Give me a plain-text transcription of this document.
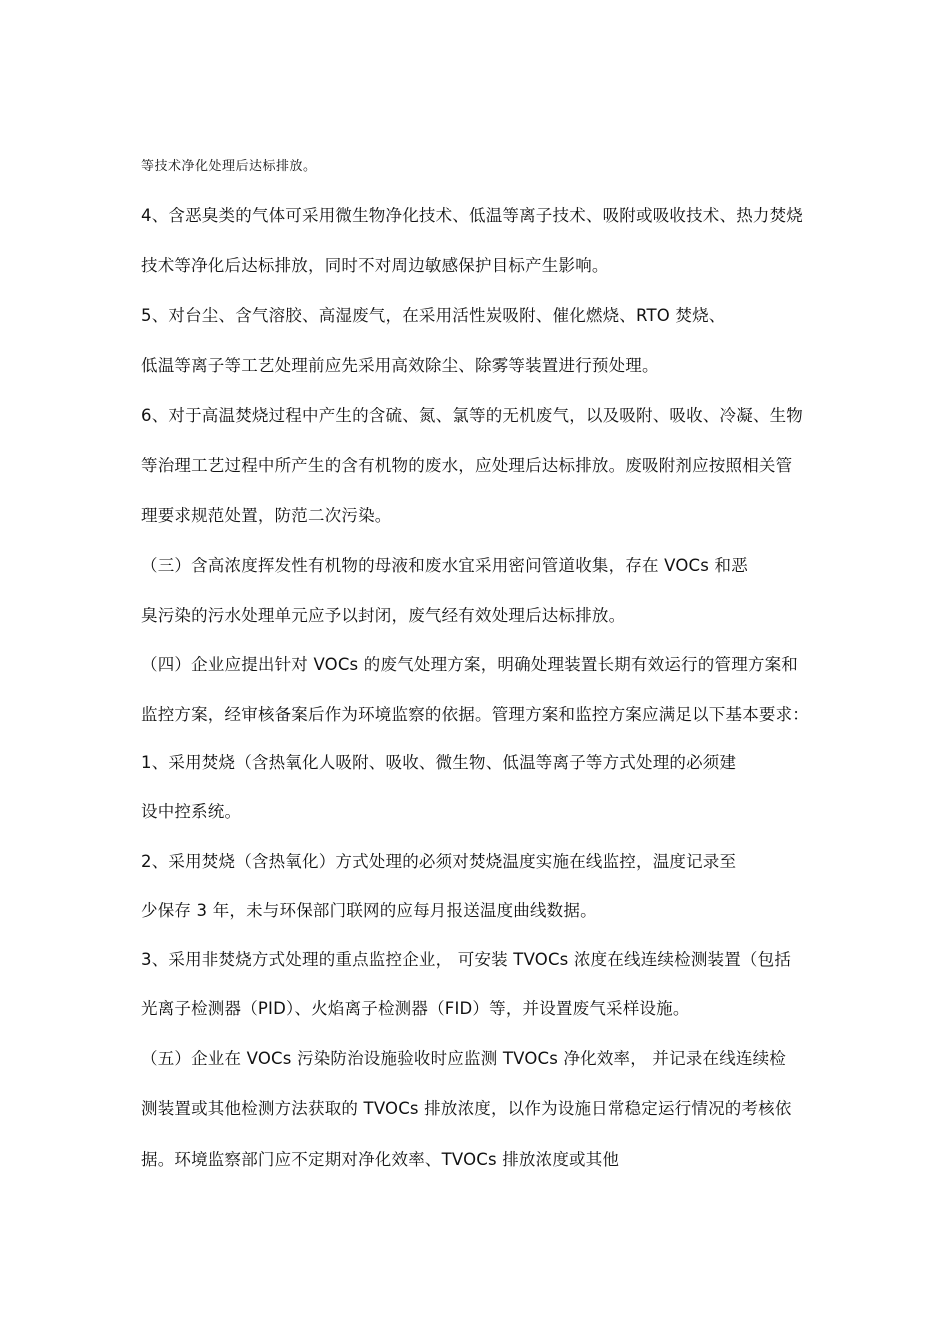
等技术净化处理后达标排放。
4、含恶臭类的气体可采用微生物净化技术、低温等离子技术、吸附或吸收技术、热力焚烧
技术等净化后达标排放，同时不对周边敏感保护目标产生影响。
5、对台尘、含气溶胶、高湿废气，在采用活性炭吸附、催化燃烧、RTO 焚烧、
低温等离子等工艺处理前应先采用高效除尘、除雾等装置进行预处理。
6、对于高温焚烧过程中产生的含硫、氮、氯等的无机废气，以及吸附、吸收、冷凝、生物
等治理工艺过程中所产生的含有机物的废水，应处理后达标排放。废吸附剂应按照相关管
理要求规范处置，防范二次污染。
（三）含高浓度挥发性有机物的母液和废水宜采用密问管道收集，存在 VOCs 和恶
臭污染的污水处理单元应予以封闭，废气经有效处理后达标排放。
（四）企业应提出针对 VOCs 的废气处理方案，明确处理装置长期有效运行的管理方案和
监控方案，经审核备案后作为环境监察的依据。管理方案和监控方案应满足以下基本要求：
1、采用焚烧（含热氧化人吸附、吸收、微生物、低温等离子等方式处理的必须建
设中控系统。
2、采用焚烧（含热氧化）方式处理的必须对焚烧温度实施在线监控，温度记录至
少保存 3 年，未与环保部门联网的应每月报送温度曲线数据。
3、采用非焚烧方式处理的重点监控企业， 可安装 TVOCs 浓度在线连续检测装置（包括
光离子检测器（PID）、火焰离子检测器（FID）等，并设置废气采样设施。
（五）企业在 VOCs 污染防治设施验收时应监测 TVOCs 净化效率， 并记录在线连续检
测装置或其他检测方法获取的 TVOCs 排放浓度，以作为设施日常稳定运行情况的考核依
据。环境监察部门应不定期对净化效率、TVOCs 排放浓度或其他
